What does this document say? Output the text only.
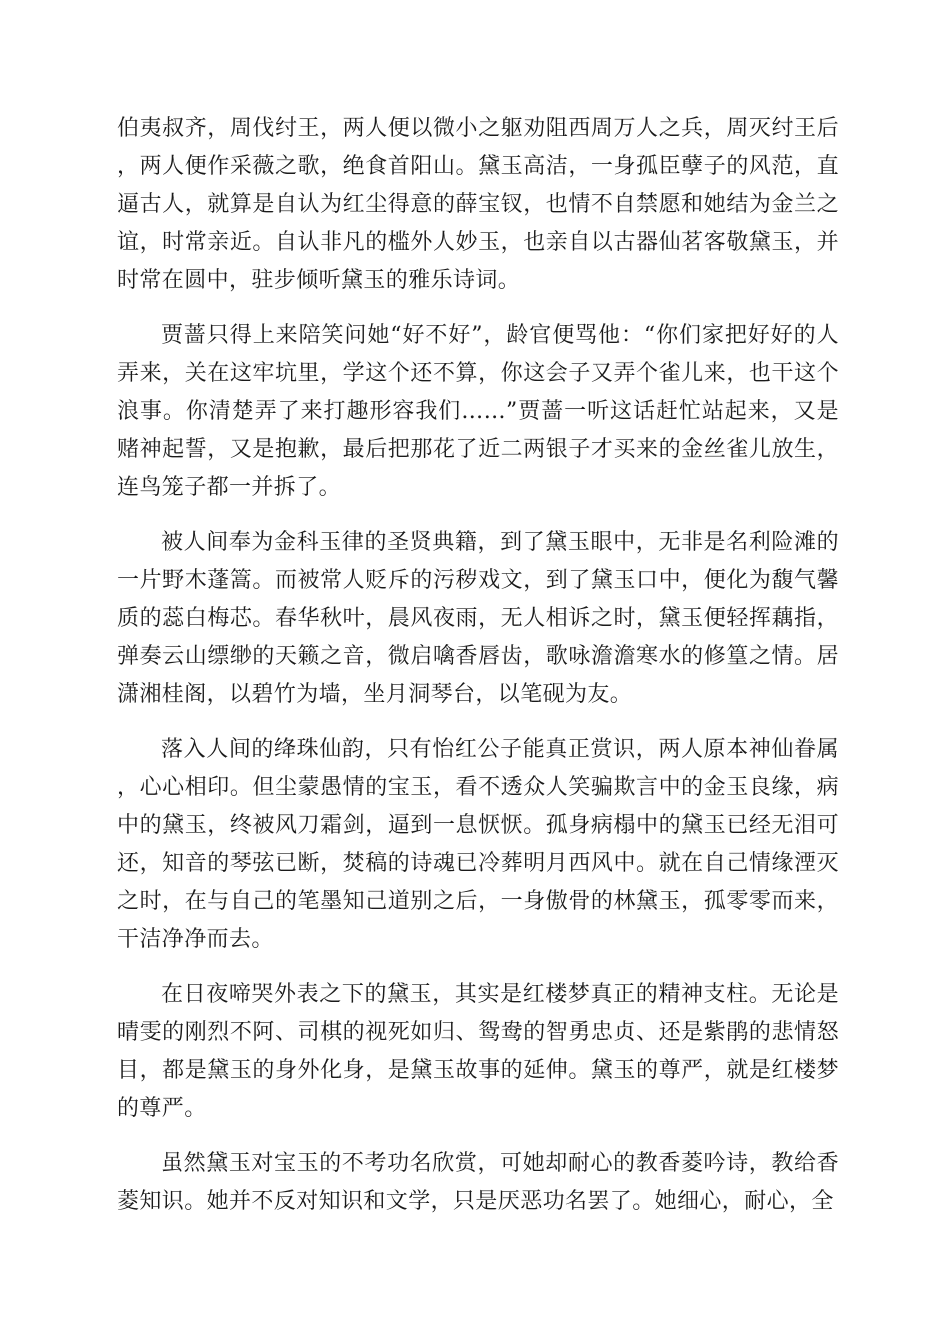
伯夷叔齐，周伐纣王，两人便以微小之躯劝阻西周万人之兵，周灭纣王后，两人便作采薇之歌，绝食首阳山。黛玉高洁，一身孤臣孽子的风范，直逼古人，就算是自认为红尘得意的薛宝钗，也情不自禁愿和她结为金兰之谊，时常亲近。自认非凡的槛外人妙玉，也亲自以古器仙茗客敬黛玉，并时常在圆中，驻步倾听黛玉的雅乐诗词。

贾蔷只得上来陪笑问她“好不好”，龄官便骂他：“你们家把好好的人弄来，关在这牢坑里，学这个还不算，你这会子又弄个雀儿来，也干这个浪事。你清楚弄了来打趣形容我们……”贾蔷一听这话赶忙站起来，又是赌神起誓，又是抱歉，最后把那花了近二两银子才买来的金丝雀儿放生，连鸟笼子都一并拆了。

被人间奉为金科玉律的圣贤典籍，到了黛玉眼中，无非是名利险滩的一片野木蓬篙。而被常人贬斥的污秽戏文，到了黛玉口中，便化为馥气馨质的蕊白梅芯。春华秋叶，晨风夜雨，无人相诉之时，黛玉便轻挥藕指，弹奏云山缥缈的天籁之音，微启噙香唇齿，歌咏澹澹寒水的修篁之情。居潇湘桂阁，以碧竹为墙，坐月洞琴台，以笔砚为友。

落入人间的绛珠仙韵，只有怡红公子能真正赏识，两人原本神仙眷属，心心相印。但尘蒙愚情的宝玉，看不透众人笑骗欺言中的金玉良缘，病中的黛玉，终被风刀霜剑，逼到一息恹恹。孤身病榻中的黛玉已经无泪可还，知音的琴弦已断，焚稿的诗魂已冷葬明月西风中。就在自己情缘湮灭之时，在与自己的笔墨知己道别之后，一身傲骨的林黛玉，孤零零而来，干洁净净而去。

在日夜啼哭外表之下的黛玉，其实是红楼梦真正的精神支柱。无论是晴雯的刚烈不阿、司棋的视死如归、鸳鸯的智勇忠贞、还是紫鹃的悲情怒目，都是黛玉的身外化身，是黛玉故事的延伸。黛玉的尊严，就是红楼梦的尊严。

虽然黛玉对宝玉的不考功名欣赏，可她却耐心的教香菱吟诗，教给香菱知识。她并不反对知识和文学，只是厌恶功名罢了。她细心，耐心，全
